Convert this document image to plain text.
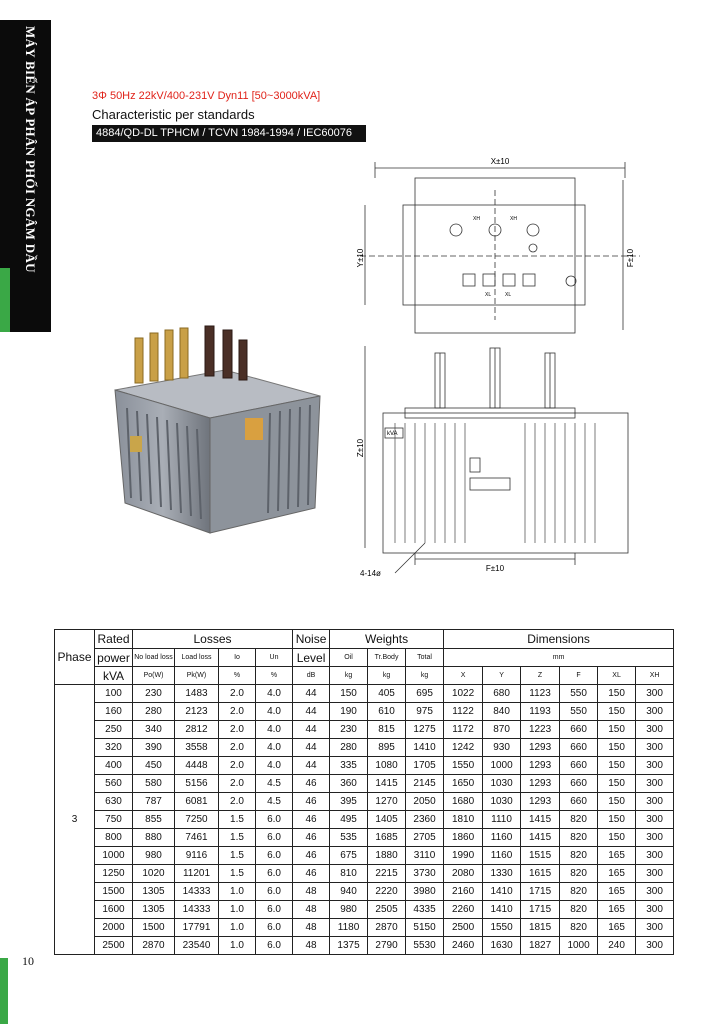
MÁY BIẾN ÁP PHÂN PHỐI NGÂM DẦU
10
3Φ 50Hz 22kV/400-231V Dyn11 [50~3000kVA]
Characteristic per standards
4884/QD-DL TPHCM / TCVN 1984-1994 / IEC60076
X±10
Y±10	F±10
XH	XH
XL	XL
Z±10
kVA
F±10
4-14ø
Phase	Rated	Losses				Noise	Weights			Dimensions					
	power	No load loss	Load loss	Io	Un	Level	Oil	Tr.Body	Total	mm					
	kVA	Po(W)	Pk(W)	%	%	dB	kg	kg	kg	X	Y	Z	F	XL	XH
3	100	230	1483	2.0	4.0	44	150	405	695	1022	680	1123	550	150	300
	160	280	2123	2.0	4.0	44	190	610	975	1122	840	1193	550	150	300
	250	340	2812	2.0	4.0	44	230	815	1275	1172	870	1223	660	150	300
	320	390	3558	2.0	4.0	44	280	895	1410	1242	930	1293	660	150	300
	400	450	4448	2.0	4.0	44	335	1080	1705	1550	1000	1293	660	150	300
	560	580	5156	2.0	4.5	46	360	1415	2145	1650	1030	1293	660	150	300
	630	787	6081	2.0	4.5	46	395	1270	2050	1680	1030	1293	660	150	300
	750	855	7250	1.5	6.0	46	495	1405	2360	1810	1110	1415	820	150	300
	800	880	7461	1.5	6.0	46	535	1685	2705	1860	1160	1415	820	150	300
	1000	980	9116	1.5	6.0	46	675	1880	3110	1990	1160	1515	820	165	300
	1250	1020	11201	1.5	6.0	46	810	2215	3730	2080	1330	1615	820	165	300
	1500	1305	14333	1.0	6.0	48	940	2220	3980	2160	1410	1715	820	165	300
	1600	1305	14333	1.0	6.0	48	980	2505	4335	2260	1410	1715	820	165	300
	2000	1500	17791	1.0	6.0	48	1180	2870	5150	2500	1550	1815	820	165	300
	2500	2870	23540	1.0	6.0	48	1375	2790	5530	2460	1630	1827	1000	240	300
